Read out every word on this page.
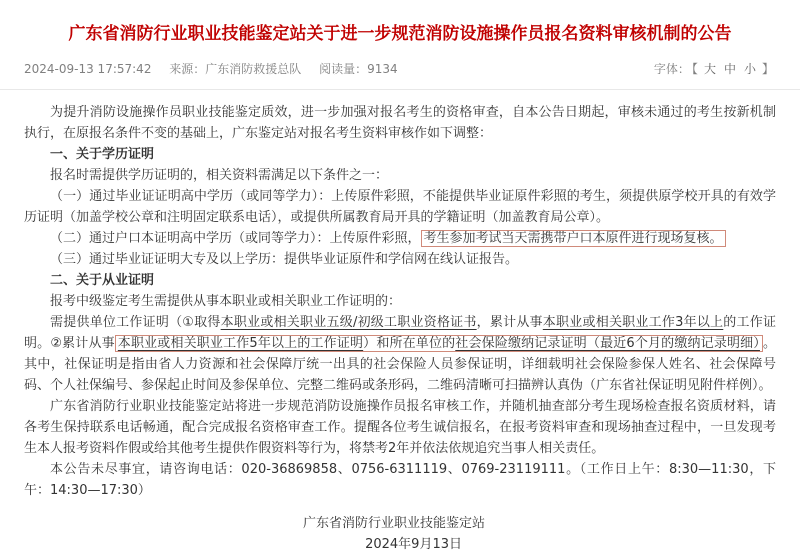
广东省消防行业职业技能鉴定站关于进一步规范消防设施操作员报名资料审核机制的公告
2024-09-13 17:57:42 来源：广东消防救援总队 阅读量：9134	字体： 【 大 中 小 】

为提升消防设施操作员职业技能鉴定质效，进一步加强对报名考生的资格审查，自本公告日期起，审核未通过的考生按新机制执行，在原报名条件不变的基础上，广东鉴定站对报名考生资料审核作如下调整：

一、关于学历证明

报名时需提供学历证明的，相关资料需满足以下条件之一：

（一）通过毕业证证明高中学历（或同等学力）：上传原件彩照，不能提供毕业证原件彩照的考生，须提供原学校开具的有效学历证明（加盖学校公章和注明固定联系电话），或提供所属教育局开具的学籍证明（加盖教育局公章）。

（二）通过户口本证明高中学历（或同等学力）：上传原件彩照， 考生参加考试当天需携带户口本原件进行现场复核。

（三）通过毕业证证明大专及以上学历：提供毕业证原件和学信网在线认证报告。

二、关于从业证明

报考中级鉴定考生需提供从事本职业或相关职业工作证明的：

需提供单位工作证明（①取得本职业或相关职业五级/初级工职业资格证书，累计从事本职业或相关职业工作3年以上的工作证明。②累计从事 本职业或相关职业工作5年以上的工作证明）和所在单位的社会保险缴纳记录证明（最近6个月的缴纳记录明细） 。其中，社保证明是指由省人力资源和社会保障厅统一出具的社会保险人员参保证明，详细载明社会保险参保人姓名、社会保障号码、个人社保编号、参保起止时间及参保单位、完整二维码或条形码，二维码清晰可扫描辨认真伪（广东省社保证明见附件样例）。

广东省消防行业职业技能鉴定站将进一步规范消防设施操作员报名审核工作，并随机抽查部分考生现场检查报名资质材料，请各考生保持联系电话畅通，配合完成报名资格审查工作。提醒各位考生诚信报名，在报考资料审查和现场抽查过程中，一旦发现考生本人报考资料作假或给其他考生提供作假资料等行为，将禁考2年并依法依规追究当事人相关责任。

本公告未尽事宜，请咨询电话：020-36869858、0756-6311119、0769-23119111。（工作日上午：8:30—11:30，下午：14:30—17:30）

广东省消防行业职业技能鉴定站
2024年9月13日
